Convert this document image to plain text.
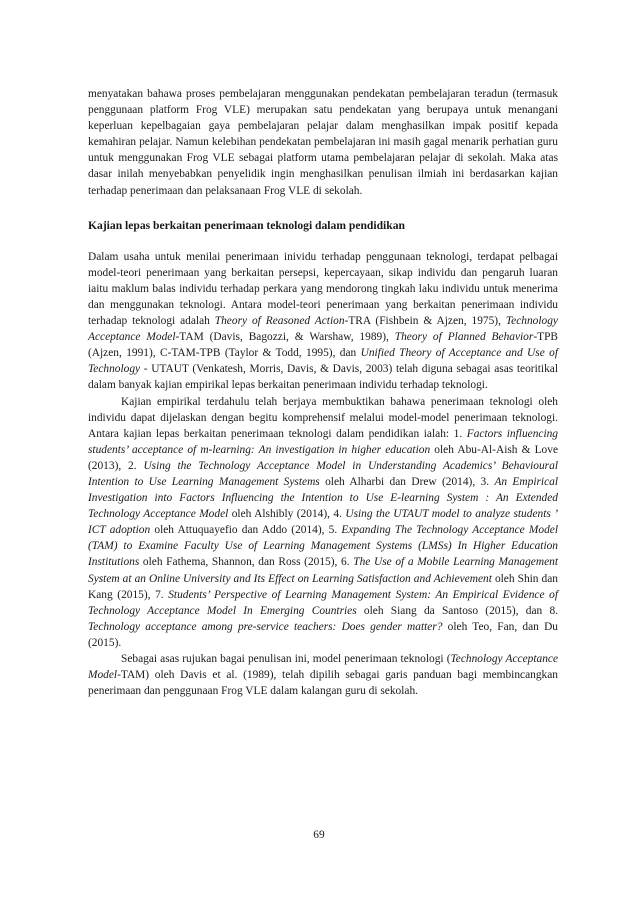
menyatakan bahawa proses pembelajaran menggunakan pendekatan pembelajaran teradun (termasuk penggunaan platform Frog VLE) merupakan satu pendekatan yang berupaya untuk menangani keperluan kepelbagaian gaya pembelajaran pelajar dalam menghasilkan impak positif kepada kemahiran pelajar. Namun kelebihan pendekatan pembelajaran ini masih gagal menarik perhatian guru untuk menggunakan Frog VLE sebagai platform utama pembelajaran pelajar di sekolah. Maka atas dasar inilah menyebabkan penyelidik ingin menghasilkan penulisan ilmiah ini berdasarkan kajian terhadap penerimaan dan pelaksanaan Frog VLE di sekolah.

Kajian lepas berkaitan penerimaan teknologi dalam pendidikan

Dalam usaha untuk menilai penerimaan inividu terhadap penggunaan teknologi, terdapat pelbagai model-teori penerimaan yang berkaitan persepsi, kepercayaan, sikap individu dan pengaruh luaran iaitu maklum balas individu terhadap perkara yang mendorong tingkah laku individu untuk menerima dan menggunakan teknologi. Antara model-teori penerimaan yang berkaitan penerimaan individu terhadap teknologi adalah Theory of Reasoned Action-TRA (Fishbein & Ajzen, 1975), Technology Acceptance Model-TAM (Davis, Bagozzi, & Warshaw, 1989), Theory of Planned Behavior-TPB (Ajzen, 1991), C-TAM-TPB (Taylor & Todd, 1995), dan Unified Theory of Acceptance and Use of Technology - UTAUT (Venkatesh, Morris, Davis, & Davis, 2003) telah diguna sebagai asas teoritikal dalam banyak kajian empirikal lepas berkaitan penerimaan individu terhadap teknologi.

Kajian empirikal terdahulu telah berjaya membuktikan bahawa penerimaan teknologi oleh individu dapat dijelaskan dengan begitu komprehensif melalui model-model penerimaan teknologi. Antara kajian lepas berkaitan penerimaan teknologi dalam pendidikan ialah: 1. Factors influencing students’ acceptance of m-learning: An investigation in higher education oleh Abu-Al-Aish & Love (2013), 2. Using the Technology Acceptance Model in Understanding Academics’ Behavioural Intention to Use Learning Management Systems oleh Alharbi dan Drew (2014), 3. An Empirical Investigation into Factors Influencing the Intention to Use E-learning System : An Extended Technology Acceptance Model oleh Alshibly (2014), 4. Using the UTAUT model to analyze students ’ ICT adoption oleh Attuquayefio dan Addo (2014), 5. Expanding The Technology Acceptance Model (TAM) to Examine Faculty Use of Learning Management Systems (LMSs) In Higher Education Institutions oleh Fathema, Shannon, dan Ross (2015), 6. The Use of a Mobile Learning Management System at an Online University and Its Effect on Learning Satisfaction and Achievement oleh Shin dan Kang (2015), 7. Students’ Perspective of Learning Management System: An Empirical Evidence of Technology Acceptance Model In Emerging Countries oleh Siang da Santoso (2015), dan 8. Technology acceptance among pre-service teachers: Does gender matter? oleh Teo, Fan, dan Du (2015).

Sebagai asas rujukan bagai penulisan ini, model penerimaan teknologi (Technology Acceptance Model-TAM) oleh Davis et al. (1989), telah dipilih sebagai garis panduan bagi membincangkan penerimaan dan penggunaan Frog VLE dalam kalangan guru di sekolah.

69
